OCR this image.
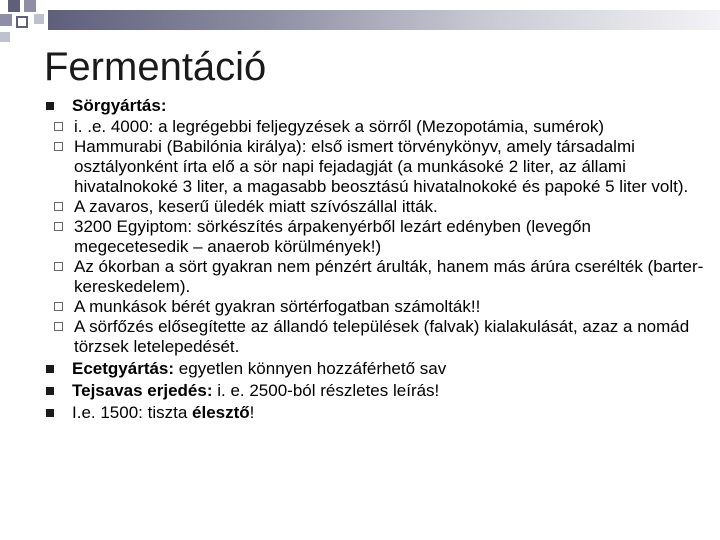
Fermentáció
Sörgyártás:
i. .e. 4000: a legrégebbi feljegyzések a sörről (Mezopotámia, sumérok)
Hammurabi (Babilónia királya): első ismert törvénykönyv, amely társadalmi osztályonként írta elő a sör napi fejadagját (a munkásoké 2 liter, az állami hivatalnokoké 3 liter, a magasabb beosztású hivatalnokoké és papoké 5 liter volt).
A zavaros, keserű üledék miatt szívószállal itták.
3200 Egyiptom: sörkészítés árpakenyérből lezárt edényben (levegőn megecetesedik – anaerob körülmények!)
Az ókorban a sört gyakran nem pénzért árulták, hanem más árúra cserélték (barter-kereskedelem).
A munkások bérét gyakran sörtérfogatban számolták!!
A sörfőzés elősegítette az állandó települések (falvak) kialakulását, azaz a nomád törzsek letelepedését.
Ecetgyártás: egyetlen könnyen hozzáférhető sav
Tejsavas erjedés: i. e. 2500-ból részletes leírás!
I.e. 1500: tiszta élesztő!
